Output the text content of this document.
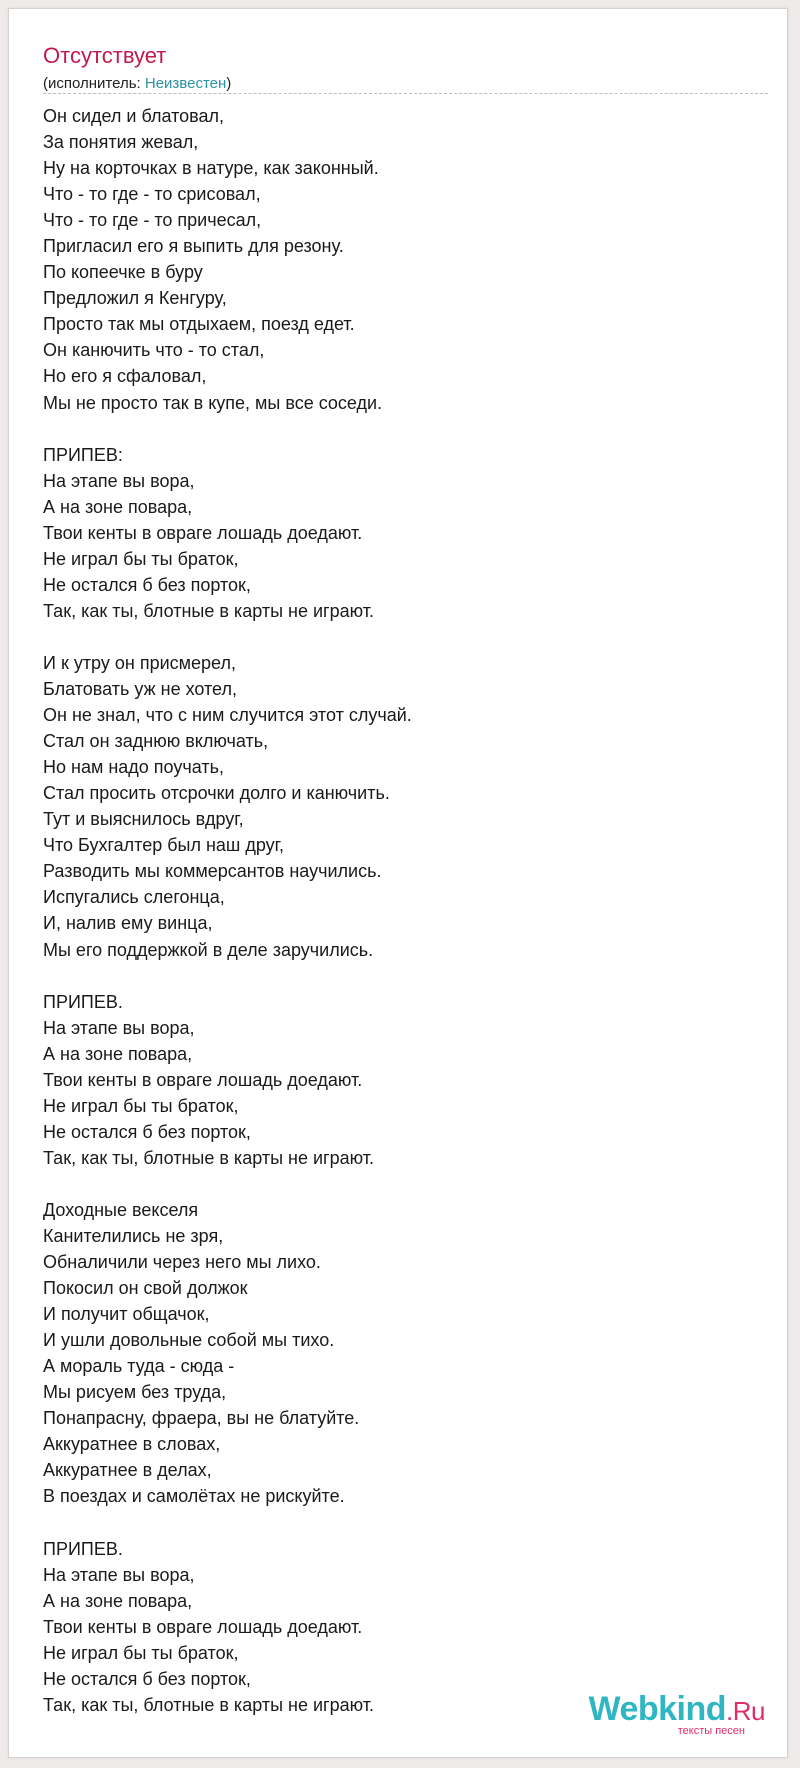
Отсутствует
(исполнитель: Неизвестен)
Он сидел и блатовал,
За понятия жевал,
Ну на корточках в натуре, как законный.
Что - то где - то срисовал,
Что - то где - то причесал,
Пригласил его я выпить для резону.
По копеечке в буру
Предложил я Кенгуру,
Просто так мы отдыхаем, поезд едет.
Он канючить что - то стал,
Но его я сфаловал,
Мы не просто так в купе, мы все соседи.
ПРИПЕВ:
На этапе вы вора,
А на зоне повара,
Твои кенты в овраге лошадь доедают.
Не играл бы ты браток,
Не остался б без порток,
Так, как ты, блотные в карты не играют.
И к утру он присмерел,
Блатовать уж не хотел,
Он не знал, что с ним случится этот случай.
Стал он заднюю включать,
Но нам надо поучать,
Стал просить отсрочки долго и канючить.
Тут и выяснилось вдруг,
Что Бухгалтер был наш друг,
Разводить мы коммерсантов научились.
Испугались слегонца,
И, налив ему винца,
Мы его поддержкой в деле заручились.
ПРИПЕВ.
На этапе вы вора,
А на зоне повара,
Твои кенты в овраге лошадь доедают.
Не играл бы ты браток,
Не остался б без порток,
Так, как ты, блотные в карты не играют.
Доходные векселя
Канителились не зря,
Обналичили через него мы лихо.
Покосил он свой должок
И получит общачок,
И ушли довольные собой мы тихо.
А мораль туда - сюда -
Мы рисуем без труда,
Понапрасну, фраера, вы не блатуйте.
Аккуратнее в словах,
Аккуратнее в делах,
В поездах и самолётах не рискуйте.
ПРИПЕВ.
На этапе вы вора,
А на зоне повара,
Твои кенты в овраге лошадь доедают.
Не играл бы ты браток,
Не остался б без порток,
Так, как ты, блотные в карты не играют.	Webkind.Ru
тексты песен
